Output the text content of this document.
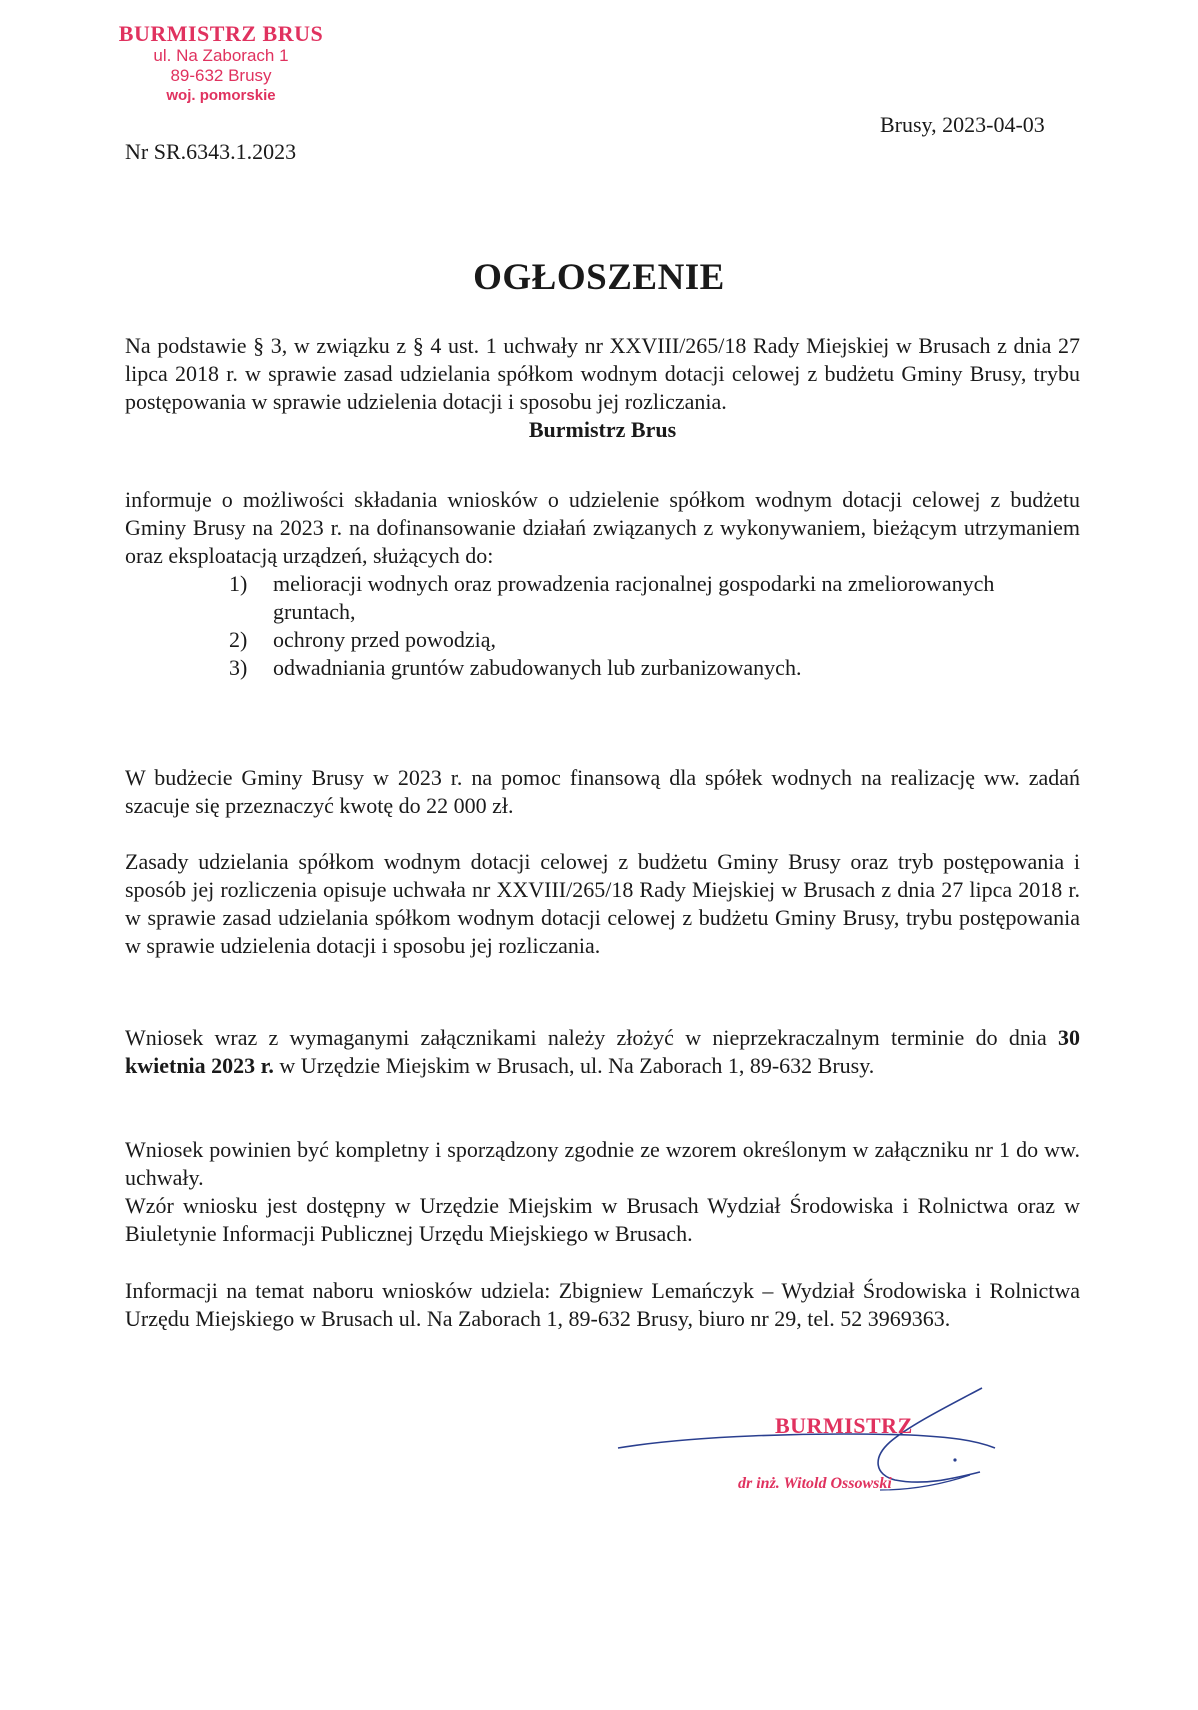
BURMISTRZ BRUS
ul. Na Zaborach 1
89-632 Brusy
woj. pomorskie
Brusy, 2023-04-03
Nr SR.6343.1.2023
OGŁOSZENIE

Na podstawie § 3, w związku z § 4 ust. 1 uchwały nr XXVIII/265/18 Rady Miejskiej w Brusach z dnia 27 lipca 2018 r. w sprawie zasad udzielania spółkom wodnym dotacji celowej z budżetu Gminy Brusy, trybu postępowania w sprawie udzielenia dotacji i sposobu jej rozliczania.

Burmistrz Brus

informuje o możliwości składania wniosków o udzielenie spółkom wodnym dotacji celowej z budżetu Gminy Brusy na 2023 r. na dofinansowanie działań związanych z wykonywaniem, bieżącym utrzymaniem oraz eksploatacją urządzeń, służących do:

1)	melioracji wodnych oraz prowadzenia racjonalnej gospodarki na zmeliorowanych gruntach,
2)	ochrony przed powodzią,
3)	odwadniania gruntów zabudowanych lub zurbanizowanych.

W budżecie Gminy Brusy w 2023 r. na pomoc finansową dla spółek wodnych na realizację ww. zadań szacuje się przeznaczyć kwotę do 22 000 zł.

Zasady udzielania spółkom wodnym dotacji celowej z budżetu Gminy Brusy oraz tryb postępowania i sposób jej rozliczenia opisuje uchwała nr XXVIII/265/18 Rady Miejskiej w Brusach z dnia 27 lipca 2018 r. w sprawie zasad udzielania spółkom wodnym dotacji celowej z budżetu Gminy Brusy, trybu postępowania w sprawie udzielenia dotacji i sposobu jej rozliczania.

Wniosek wraz z wymaganymi załącznikami należy złożyć w nieprzekraczalnym terminie do dnia 30 kwietnia 2023 r. w Urzędzie Miejskim w Brusach, ul. Na Zaborach 1, 89-632 Brusy.

Wniosek powinien być kompletny i sporządzony zgodnie ze wzorem określonym w załączniku nr 1 do ww. uchwały.

Wzór wniosku jest dostępny w Urzędzie Miejskim w Brusach Wydział Środowiska i Rolnictwa oraz w Biuletynie Informacji Publicznej Urzędu Miejskiego w Brusach.

Informacji na temat naboru wniosków udziela: Zbigniew Lemańczyk – Wydział Środowiska i Rolnictwa Urzędu Miejskiego w Brusach ul. Na Zaborach 1, 89-632 Brusy, biuro nr 29, tel. 52 3969363.

BURMISTRZ
dr inż. Witold Ossowski
